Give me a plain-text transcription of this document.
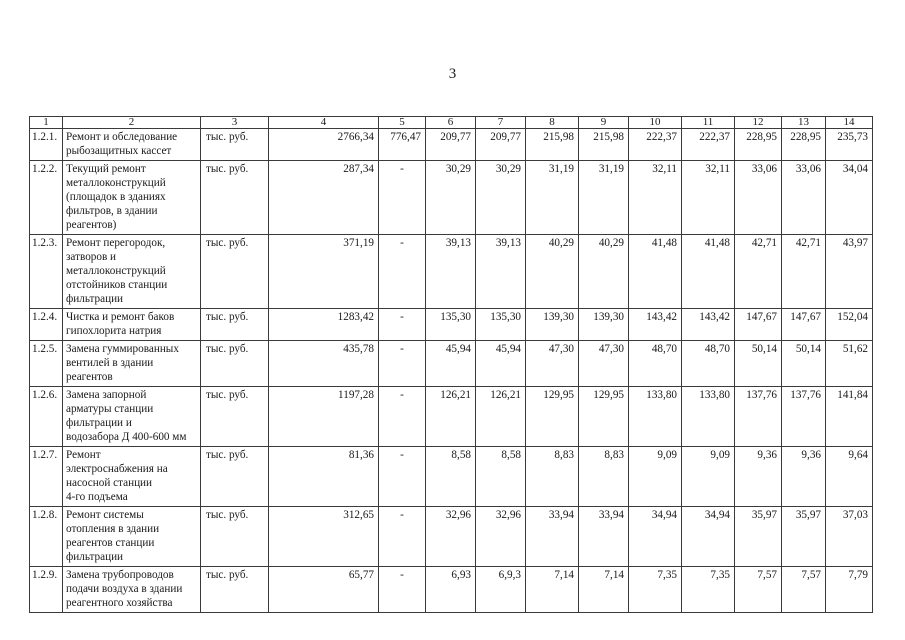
3
1	2	3	4	5	6	7	8	9	10	11	12	13	14
1.2.1.	Ремонт и обследование
рыбозащитных кассет	тыс. руб.	2766,34	776,47	209,77	209,77	215,98	215,98	222,37	222,37	228,95	228,95	235,73
1.2.2.	Текущий ремонт
металлоконструкций
(площадок в зданиях
фильтров, в здании
реагентов)	тыс. руб.	287,34	-	30,29	30,29	31,19	31,19	32,11	32,11	33,06	33,06	34,04
1.2.3.	Ремонт перегородок,
затворов и
металлоконструкций
отстойников станции
фильтрации	тыс. руб.	371,19	-	39,13	39,13	40,29	40,29	41,48	41,48	42,71	42,71	43,97
1.2.4.	Чистка и ремонт баков
гипохлорита натрия	тыс. руб.	1283,42	-	135,30	135,30	139,30	139,30	143,42	143,42	147,67	147,67	152,04
1.2.5.	Замена гуммированных
вентилей в здании
реагентов	тыс. руб.	435,78	-	45,94	45,94	47,30	47,30	48,70	48,70	50,14	50,14	51,62
1.2.6.	Замена запорной
арматуры станции
фильтрации и
водозабора Д 400-600 мм	тыс. руб.	1197,28	-	126,21	126,21	129,95	129,95	133,80	133,80	137,76	137,76	141,84
1.2.7.	Ремонт
электроснабжения на
насосной станции
4-го подъема	тыс. руб.	81,36	-	8,58	8,58	8,83	8,83	9,09	9,09	9,36	9,36	9,64
1.2.8.	Ремонт системы
отопления в здании
реагентов станции
фильтрации	тыс. руб.	312,65	-	32,96	32,96	33,94	33,94	34,94	34,94	35,97	35,97	37,03
1.2.9.	Замена трубопроводов
подачи воздуха в здании
реагентного хозяйства	тыс. руб.	65,77	-	6,93	6,9,3	7,14	7,14	7,35	7,35	7,57	7,57	7,79
